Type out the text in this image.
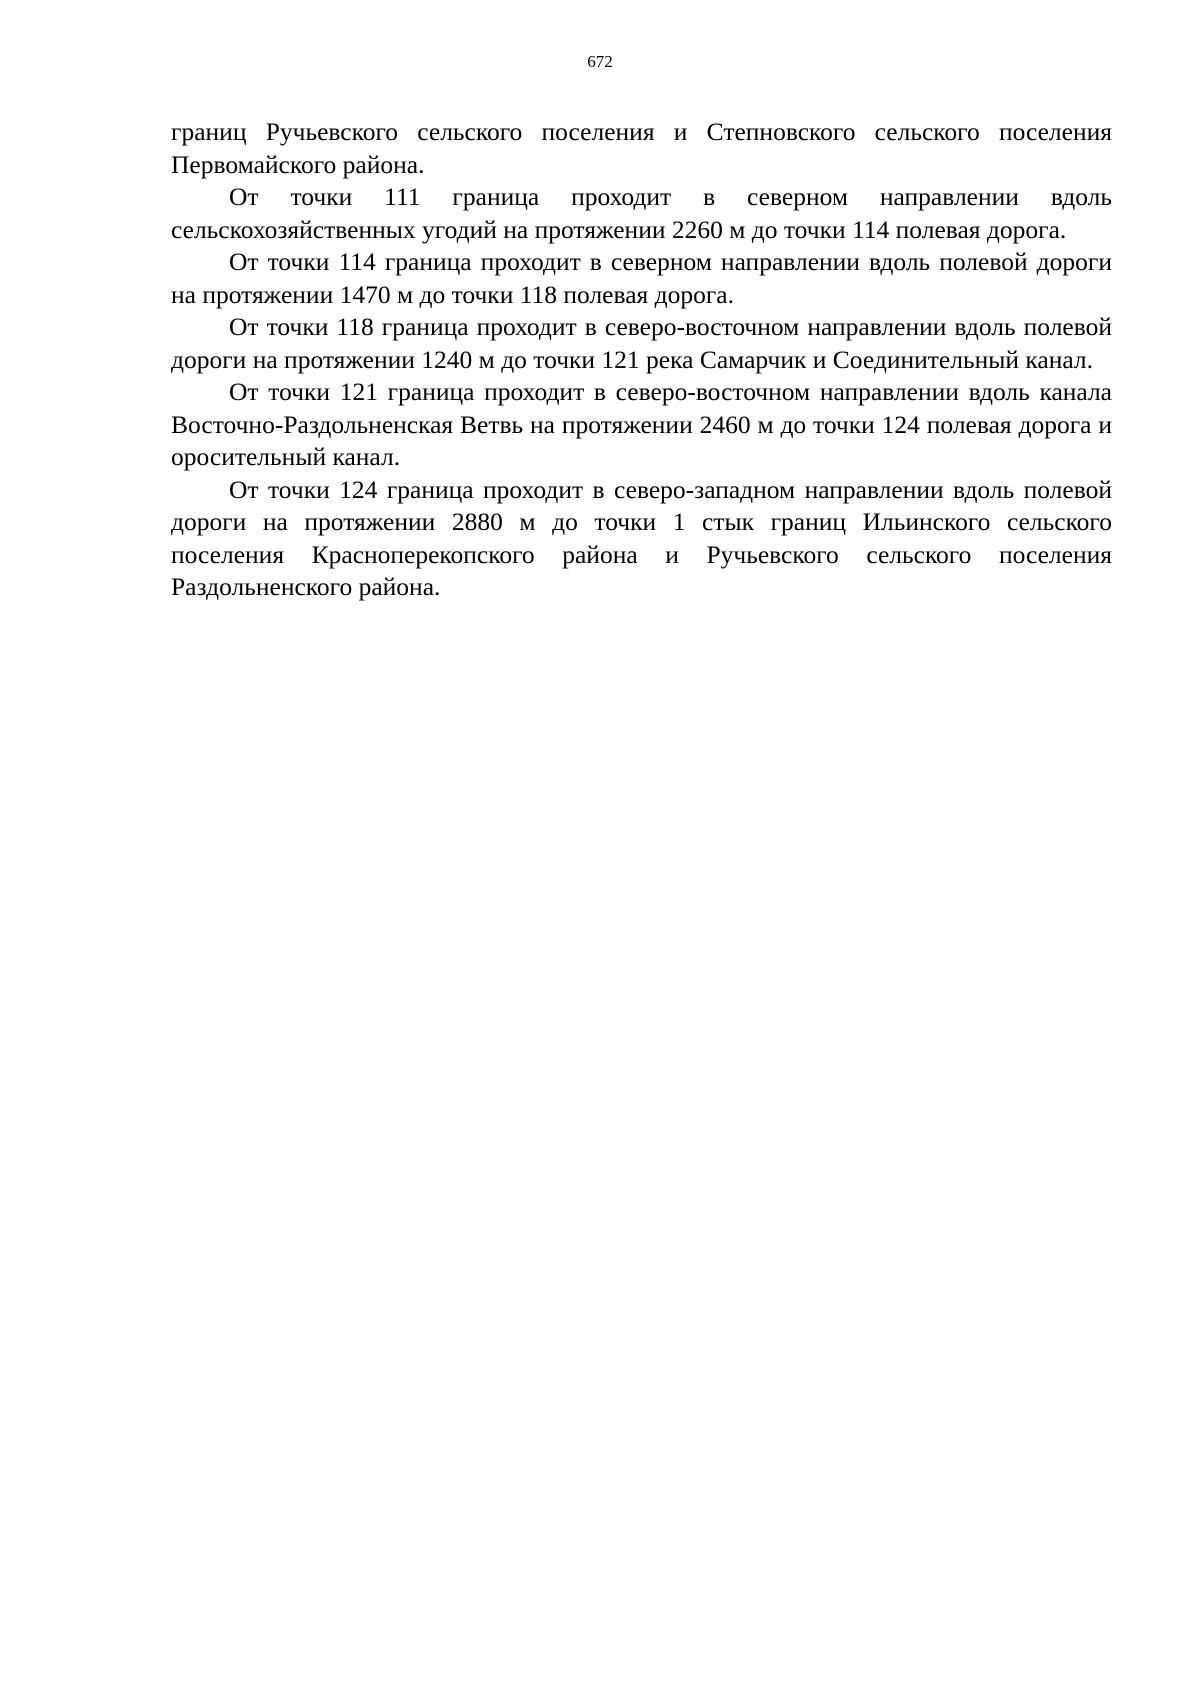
672

границ Ручьевского сельского поселения и Степновского сельского поселения Первомайского района.

От точки 111 граница проходит в северном направлении вдоль сельскохозяйственных угодий на протяжении 2260 м до точки 114 полевая дорога.

От точки 114 граница проходит в северном направлении вдоль полевой дороги на протяжении 1470 м до точки 118 полевая дорога.

От точки 118 граница проходит в северо-восточном направлении вдоль полевой дороги на протяжении 1240 м до точки 121 река Самарчик и Соединительный канал.

От точки 121 граница проходит в северо-восточном направлении вдоль канала Восточно-Раздольненская Ветвь на протяжении 2460 м до точки 124 полевая дорога и оросительный канал.

От точки 124 граница проходит в северо-западном направлении вдоль полевой дороги на протяжении 2880 м до точки 1 стык границ Ильинского сельского поселения Красноперекопского района и Ручьевского сельского поселения Раздольненского района.
